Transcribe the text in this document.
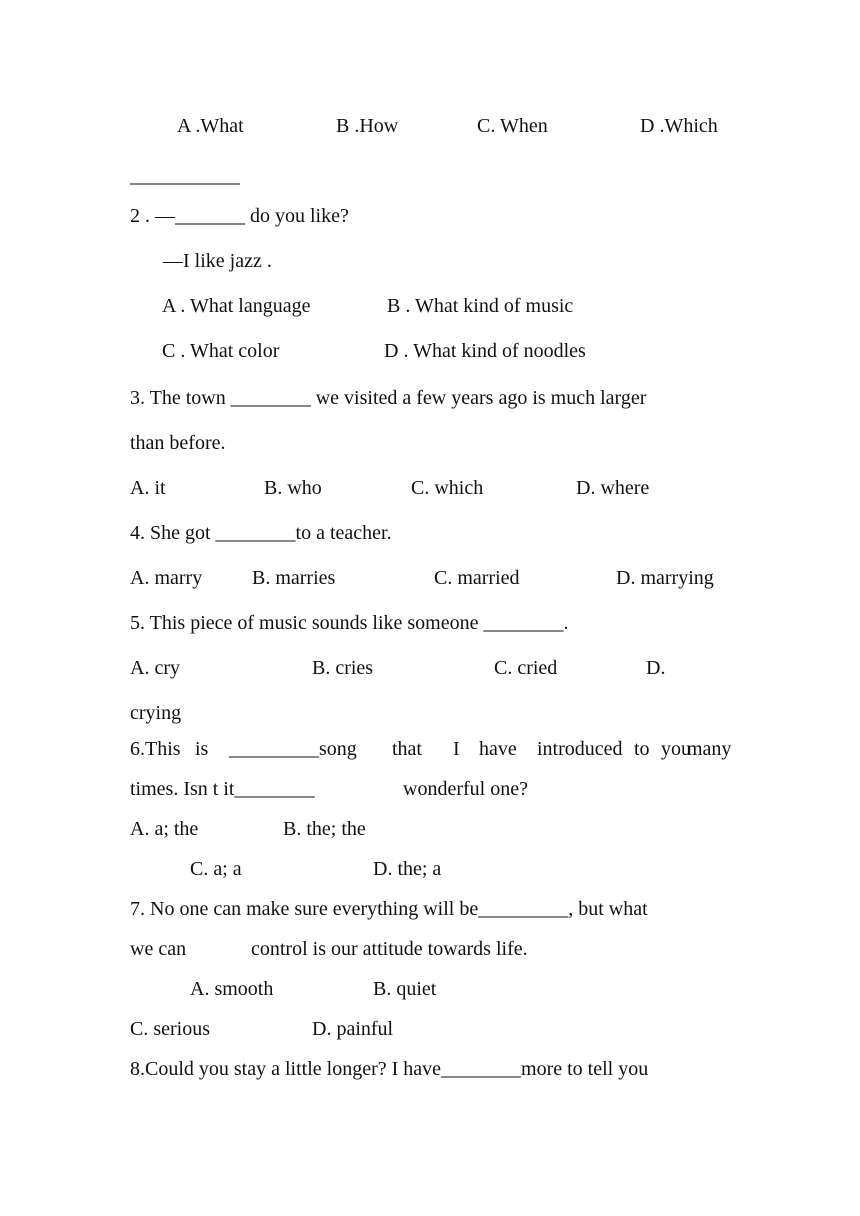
A .What	B .How	C. When	D .Which
___________
2 . —_______ do you like?
—I like jazz .
A . What language	B . What kind of music
C . What color	D . What kind of noodles
3. The town ________ we visited a few years ago is much larger
than before.
A. it	B. who	C. which	D. where
4. She got ________to a teacher.
A. marry B. marries	C. married	D. marrying
5. This piece of music sounds like someone ________.
A. cry	B. cries	C. cried	D.
crying
6.This is _________song that I have introduced to you
many
times. Isn t it________	wonderful one?
A. a; the	B. the; the
C. a; a	D. the; a
7. No one can make sure everything will be_________, but what
we can	control is our attitude towards life.
A. smooth	B. quiet
C. serious	D. painful
8.Could you stay a little longer? I have________more to tell you
